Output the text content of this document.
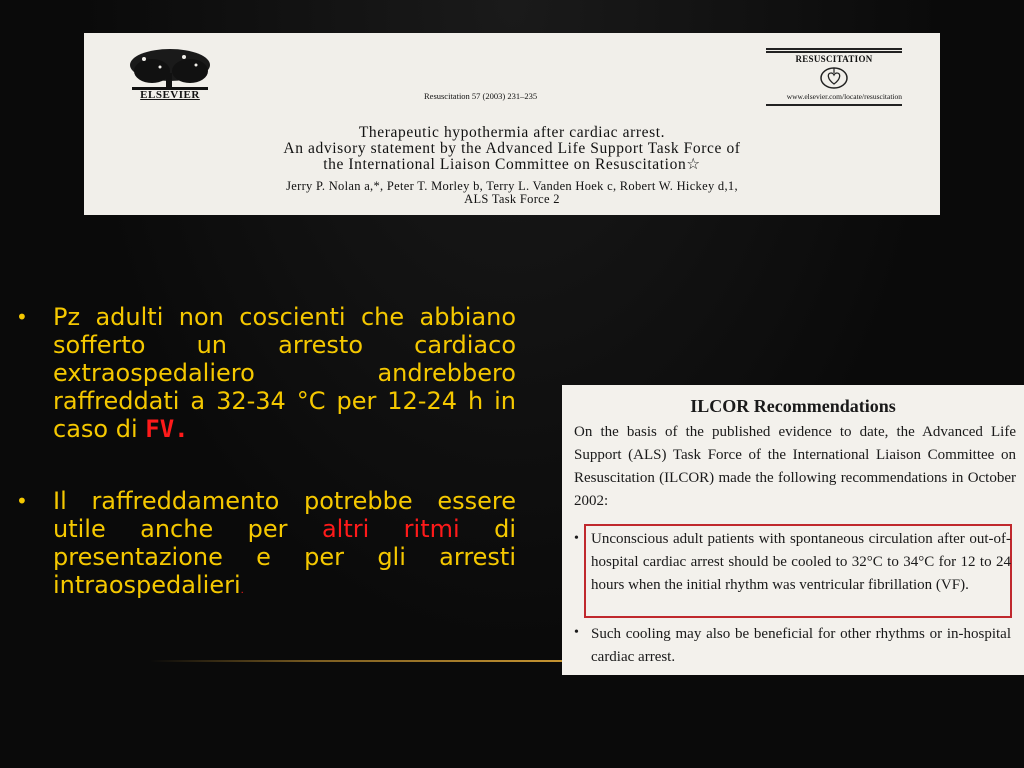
ELSEVIER	Resuscitation 57 (2003) 231–235
RESUSCITATION
www.elsevier.com/locate/resuscitation
Therapeutic hypothermia after cardiac arrest.
An advisory statement by the Advanced Life Support Task Force of
the International Liaison Committee on Resuscitation☆
Jerry P. Nolan a,*, Peter T. Morley b, Terry L. Vanden Hoek c, Robert W. Hickey d,1,
ALS Task Force 2
• Pz adulti non coscienti che abbiano sofferto un arresto cardiaco extraospedaliero andrebbero raffreddati a 32-34 °C per 12-24 h in caso di FV.
• Il raffreddamento potrebbe essere utile anche per altri ritmi di presentazione e per gli arresti intraospedalieri.
ILCOR Recommendations
On the basis of the published evidence to date, the Advanced Life Support (ALS) Task Force of the International Liaison Committee on Resuscitation (ILCOR) made the following recommendations in October 2002:
• Unconscious adult patients with spontaneous circulation after out-of-hospital cardiac arrest should be cooled to 32°C to 34°C for 12 to 24 hours when the initial rhythm was ventricular fibrillation (VF).
• Such cooling may also be beneficial for other rhythms or in-hospital cardiac arrest.
